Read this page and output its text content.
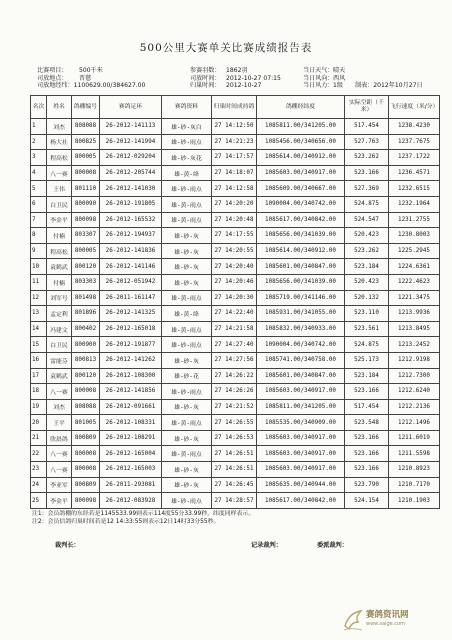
500公里大赛单关比赛成绩报告表
比赛项目： 500千米
司放地点： 晋慈
司放地经纬：1100629.00/384627.00
参赛羽数： 1862羽
司放时间： 2012-10-27 07:15
归巢时间： 2012-10-27
当日天气：晴天
当日风向：西风
当日风力：1级 制表：2012年10月27日
名次	姓名	鸽棚编号	赛鸽足环	赛鸽资料	归巢时间成持鸽	鸽棚经纬度	实际空距（千米）	飞行速度（米/分）
1	刘杰	808088	26-2012-141113	雄-砂-灰白	27 14:12:50	1085811.00/341205.00	517.454	1238.4230
2	杨大社	800825	26-2012-141994	雄-砂-雨点	27 14:21:23	1085456.00/340656.00	527.763	1237.7675
3	程高松	800005	26-2012-029204	雄-砂-灰花	27 14:17:57	1085614.00/340912.00	523.262	1237.1722
4	八一赛	800008	26-2012-205744	雄-黄-绛	27 14:18:07	1085603.00/340917.00	523.166	1236.4571
5	王伟	801110	26-2012-141030	雄-砂-雨点	27 14:12:58	1085609.00/340667.00	527.369	1232.6515
6	白卫民	800090	26-2012-191805	雄-黄-雨点	27 14:20:20	1090004.00/340742.00	524.875	1232.1964
7	李金平	800098	26-2012-165532	雄-黄-雨点	27 14:20:48	1085617.00/340842.00	524.547	1231.2755
8	付楠	803307	26-2012-194937	雄-砂-灰	27 14:17:55	1085656.00/341039.00	520.423	1230.8003
9	程高松	800005	26-2012-141836	雄-砂-灰	27 14:20:55	1085614.00/340912.00	523.262	1225.2945
10	袁鹤武	800120	26-2012-141146	雄-砂-灰	27 14:20:40	1085601.00/340847.00	523.184	1224.6361
11	付楠	803303	26-2012-051942	雄-砂-灰	27 14:20:46	1085656.00/341039.00	520.423	1222.4623
12	刘军号	801498	26-2011-161147	雄-黄-雨点	27 14:20:30	1085719.00/341146.00	520.132	1221.3475
13	孟定利	801896	26-2012-141325	雄-黄-绛	27 14:22:40	1085931.00/341055.00	523.110	1213.9936
14	冯建文	800402	26-2012-165018	雄-黄-雨点	27 14:21:58	1085832.00/340933.00	523.561	1213.8495
15	白卫民	800900	26-2012-191877	雄-砂-雨点	27 14:27:40	1090004.00/340742.00	524.875	1213.2452
16	雷能芬	800813	26-2012-141262	雄-砂-灰	27 14:27:56	1085741.00/340758.00	525.173	1212.9198
17	袁鹤武	800120	26-2012-108300	雄-砂-花	27 14:26:22	1085601.00/340847.00	523.184	1212.7300
18	八一赛	800008	26-2012-141856	雄-砂-雨点	27 14:26:26	1085603.00/340917.00	523.166	1212.6240
19	刘杰	808088	26-2012-091661	雄-砂-灰	27 14:21:52	1085811.00/341205.00	517.454	1212.2136
20	王平	801005	26-2012-108331	雄-黄-雨点	27 14:26:55	1085535.00/340909.00	523.548	1212.1496
21	欣晨鸽	800809	26-2012-108291	雄-砂-灰	27 14:26:53	1085603.00/340917.00	523.166	1211.6019
22	八一赛	800008	26-2012-165004	雄-黄-雨点	27 14:26:51	1085603.00/340917.00	523.166	1211.5598
23	八一赛	800008	26-2012-165003	雄-砂-灰	27 14:26:51	1085603.00/340917.00	523.166	1210.8923
24	李亚军	800809	26-2011-293081	雄-砂-灰	27 14:26:45	1085635.00/340944.00	523.790	1210.7170
25	李金平	800098	26-2012-083928	雄-砂-雨点	27 14:28:57	1085617.00/340842.00	524.154	1210.1903
注1：会员鸽棚的东经若是1145533.99则表示114度55分33.99秒，纬度同样表示。
注2：会员信鸽归巢时间若是12 14:33:55则表示12日14时33分55秒。
裁判长：	记录裁判：	委派裁判：
赛鸽资讯网
www.saige.com
